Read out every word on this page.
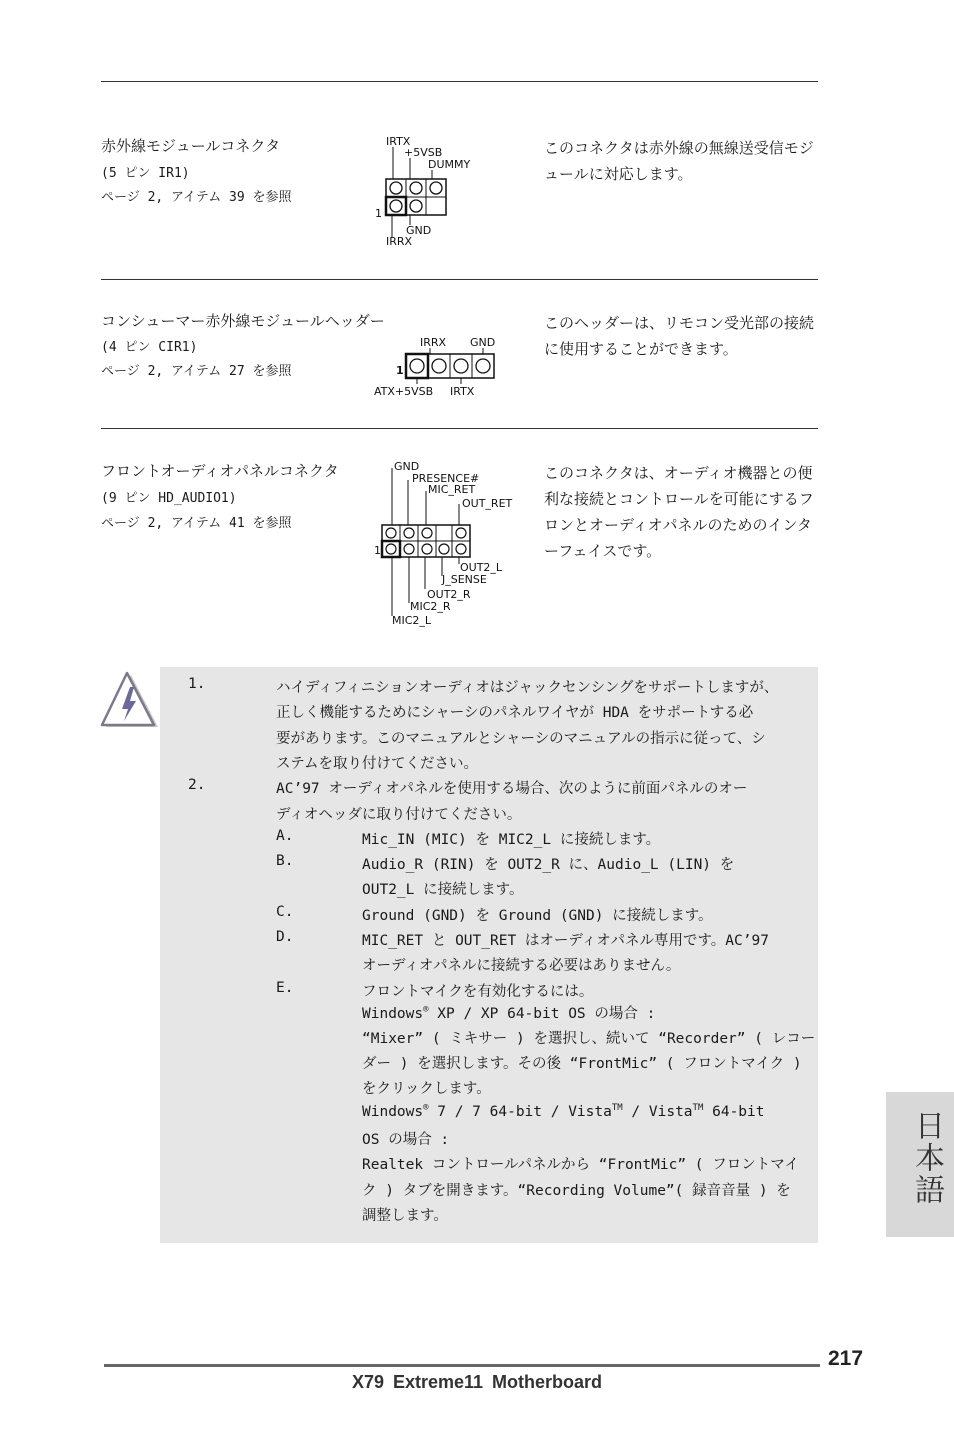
赤外線モジュールコネクタ
(5 ピン IR1)
ページ 2, アイテム 39 を参照
このコネクタは赤外線の無線送受信モジュールに対応します。
IRTX
+5VSB
DUMMY
1
GND
IRRX
コンシューマー赤外線モジュールヘッダー
(4 ピン CIR1)
ページ 2, アイテム 27 を参照
このヘッダーは、リモコン受光部の接続に使用することができます。
IRRX GND
1
ATX+5VSB IRTX
フロントオーディオパネルコネクタ
(9 ピン HD_AUDIO1)
ページ 2, アイテム 41 を参照
このコネクタは、オーディオ機器との便利な接続とコントロールを可能にするフロンとオーディオパネルのためのインターフェイスです。
GND
PRESENCE#
MIC_RET
OUT_RET
1
OUT2_L
J_SENSE
OUT2_R
MIC2_R
MIC2_L
1.	ハイディフィニションオーディオはジャックセンシングをサポートしますが、
正しく機能するためにシャーシのパネルワイヤが HDA をサポートする必
要があります。このマニュアルとシャーシのマニュアルの指示に従って、シ
ステムを取り付けてください。
2.	AC’97 オーディオパネルを使用する場合、次のように前面パネルのオー
ディオヘッダに取り付けてください。
A.	Mic_IN (MIC) を MIC2_L に接続します。
B.	Audio_R (RIN) を OUT2_R に、Audio_L (LIN) を
OUT2_L に接続します。
C.	Ground (GND) を Ground (GND) に接続します。
D.	MIC_RET と OUT_RET はオーディオパネル専用です。AC’97
オーディオパネルに接続する必要はありません。
E.	フロントマイクを有効化するには。
Windows® XP / XP 64-bit OS の場合 :
“Mixer” ( ミキサー ) を選択し、続いて “Recorder” ( レコー
ダー ) を選択します。その後 “FrontMic” ( フロントマイク )
をクリックします。
Windows® 7 / 7 64-bit / Vista™ / Vista™ 64-bit
OS の場合 :
Realtek コントロールパネルから “FrontMic” ( フロントマイ
ク ) タブを開きます。“Recording Volume”( 録音音量 ) を
調整します。
日本語
217
X79 Extreme11 Motherboard
